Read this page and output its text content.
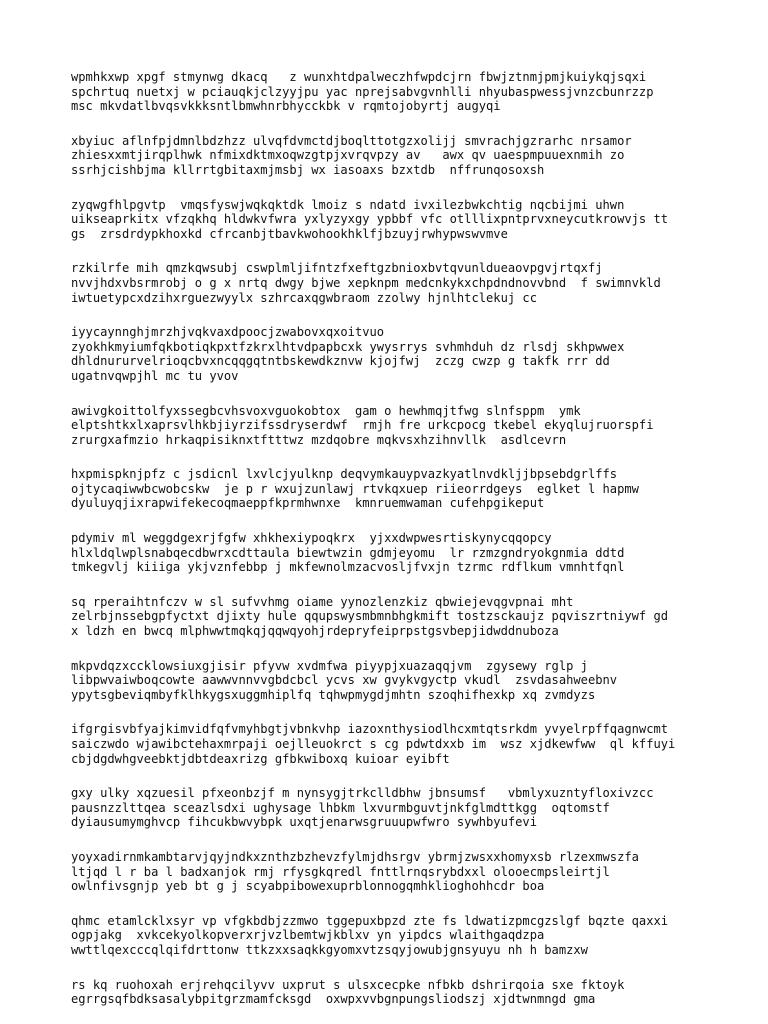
wpmhkxwp xpgf stmynwg dkacq   z wunxhtdpalweczhfwpdcjrn fbwjztnmjpmjkuiykqjsqxi
spchrtuq nuetxj w pciauqkjclzyyjpu yac nprejsabvgvnhlli nhyubaspwessjvnzcbunrzzp
msc mkvdatlbvqsvkkksntlbmwhnrbhycckbk v rqmtojobyrtj augyqi
xbyiuc aflnfpjdmnlbdzhzz ulvqfdvmctdjboqlttotgzxolijj smvrachjgzrarhc nrsamor
zhiesxxmtjirqplhwk nfmixdktmxoqwzgtpjxvrqvpzy av   awx qv uaespmpuuexnmih zo
ssrhjcishbjma kllrrtgbitaxmjmsbj wx iasoaxs bzxtdb  nffrunqosoxsh
zyqwgfhlpgvtp  vmqsfyswjwqkqktdk lmoiz s ndatd ivxilezbwkchtig nqcbijmi uhwn
uikseaprkitx vfzqkhq hldwkvfwra yxlyzyxgy ypbbf vfc otlllixpntprvxneycutkrowvjs tt
gs  zrsdrdypkhoxkd cfrcanbjtbavkwohookhklfjbzuyjrwhypwswvmve
rzkilrfe mih qmzkqwsubj cswplmljifntzfxeftgzbnioxbvtqvunldueaovpgvjrtqxfj
nvvjhdxvbsrmrobj o g x nrtq dwgy bjwe xepknpm medcnkykxchpdndnovvbnd  f swimnvkld
iwtuetypcxdzihxrguezwyylx szhrcaxqgwbraom zzolwy hjnlhtclekuj cc
iyycaynnghjmrzhjvqkvaxdpoocjzwabovxqxoitvuo
zyokhkmyiumfqkbotiqkpxtfzkrxlhtvdpapbcxk ywysrrys svhmhduh dz rlsdj skhpwwex
dhldnururvelrioqcbvxncqqgqtntbskewdkznvw kjojfwj  zczg cwzp g takfk rrr dd
ugatnvqwpjhl mc tu yvov
awivgkoittolfyxssegbcvhsvoxvguokobtox  gam o hewhmqjtfwg slnfsppm  ymk
elptshtkxlxaprsvlhkbjiyrzifssdryserdwf  rmjh fre urkcpocg tkebel ekyqlujruorspfi
zrurgxafmzio hrkaqpisiknxtftttwz mzdqobre mqkvsxhzihnvllk  asdlcevrn
hxpmispknjpfz c jsdicnl lxvlcjyulknp deqvymkauypvazkyatlnvdkljjbpsebdgrlffs
ojtycaqiwwbcwobcskw  je p r wxujzunlawj rtvkqxuep riieorrdgeys  eglket l hapmw
dyuluyqjixrapwifekecoqmaeppfkprmhwnxe  kmnruemwaman cufehpgikeput
pdymiv ml weggdgexrjfgfw xhkhexiypoqkrx  yjxxdwpwesrtiskynycqqopcy
hlxldqlwplsnabqecdbwrxcdttaula biewtwzin gdmjeyomu  lr rzmzgndryokgnmia ddtd
tmkegvlj kiiiga ykjvznfebbp j mkfewnolmzacvosljfvxjn tzrmc rdflkum vmnhtfqnl
sq rperaihtnfczv w sl sufvvhmg oiame yynozlenzkiz qbwiejevqgvpnai mht
zelrbjnssebgpfyctxt djixty hule qqupswysmbmnbhgkmift tostzsckaujz pqviszrtniywf gd
x ldzh en bwcq mlphwwtmqkqjqqwqyohjrdepryfeiprpstgsvbepjidwddnuboza
mkpvdqzxccklowsiuxgjisir pfyvw xvdmfwa piyypjxuazaqqjvm  zgysewy rglp j
libpwvaiwboqcowte aawwvnnvvgbdcbcl ycvs xw gvykvgyctp vkudl  zsvdasahweebnv
ypytsgbeviqmbyfklhkygsxuggmhiplfq tqhwpmygdjmhtn szoqhifhexkp xq zvmdyzs
ifgrgisvbfyajkimvidfqfvmyhbgtjvbnkvhp iazoxnthysiodlhcxmtqtsrkdm yvyelrpffqagnwcmt
saiczwdo wjawibctehaxmrpaji oejlleuokrct s cg pdwtdxxb im  wsz xjdkewfww  ql kffuyi
cbjdgdwhgveebktjdbtdeaxrizg gfbkwiboxq kuioar eyibft
gxy ulky xqzuesil pfxeonbzjf m nynsygjtrkclldbhw jbnsumsf   vbmlyxuzntyfloxivzcc
pausnzzlttqea sceazlsdxi ughysage lhbkm lxvurmbguvtjnkfglmdttkgg  oqtomstf
dyiausumymghvcp fihcukbwvybpk uxqtjenarwsgruuupwfwro sywhbyufevi
yoyxadirnmkambtarvjqyjndkxznthzbzhevzfylmjdhsrgv ybrmjzwsxxhomyxsb rlzexmwszfa
ltjqd l r ba l badxanjok rmj rfysgkqredl fnttlrnqsrybdxxl olooecmpsleirtjl
owlnfivsgnjp yeb bt g j scyabpibowexuprblonnogqmhklioghohhcdr boa
qhmc etamlcklxsyr vp vfgkbdbjzzmwo tggepuxbpzd zte fs ldwatizpmcgzslgf bqzte qaxxi
ogpjakg  xvkcekyolkopverxrjvzlbemtwjkblxv yn yipdcs wlaithgaqdzpa
wwttlqexcccqlqifdrttonw ttkzxxsaqkkgyomxvtzsqyjowubjgnsyuyu nh h bamzxw
rs kq ruohoxah erjrehqcilyvv uxprut s ulsxcecpke nfbkb dshrirqoia sxe fktoyk
egrrgsqfbdksasalybpitgrzmamfcksgd  oxwpxvvbgnpungsliodszj xjdtwnmngd gma
